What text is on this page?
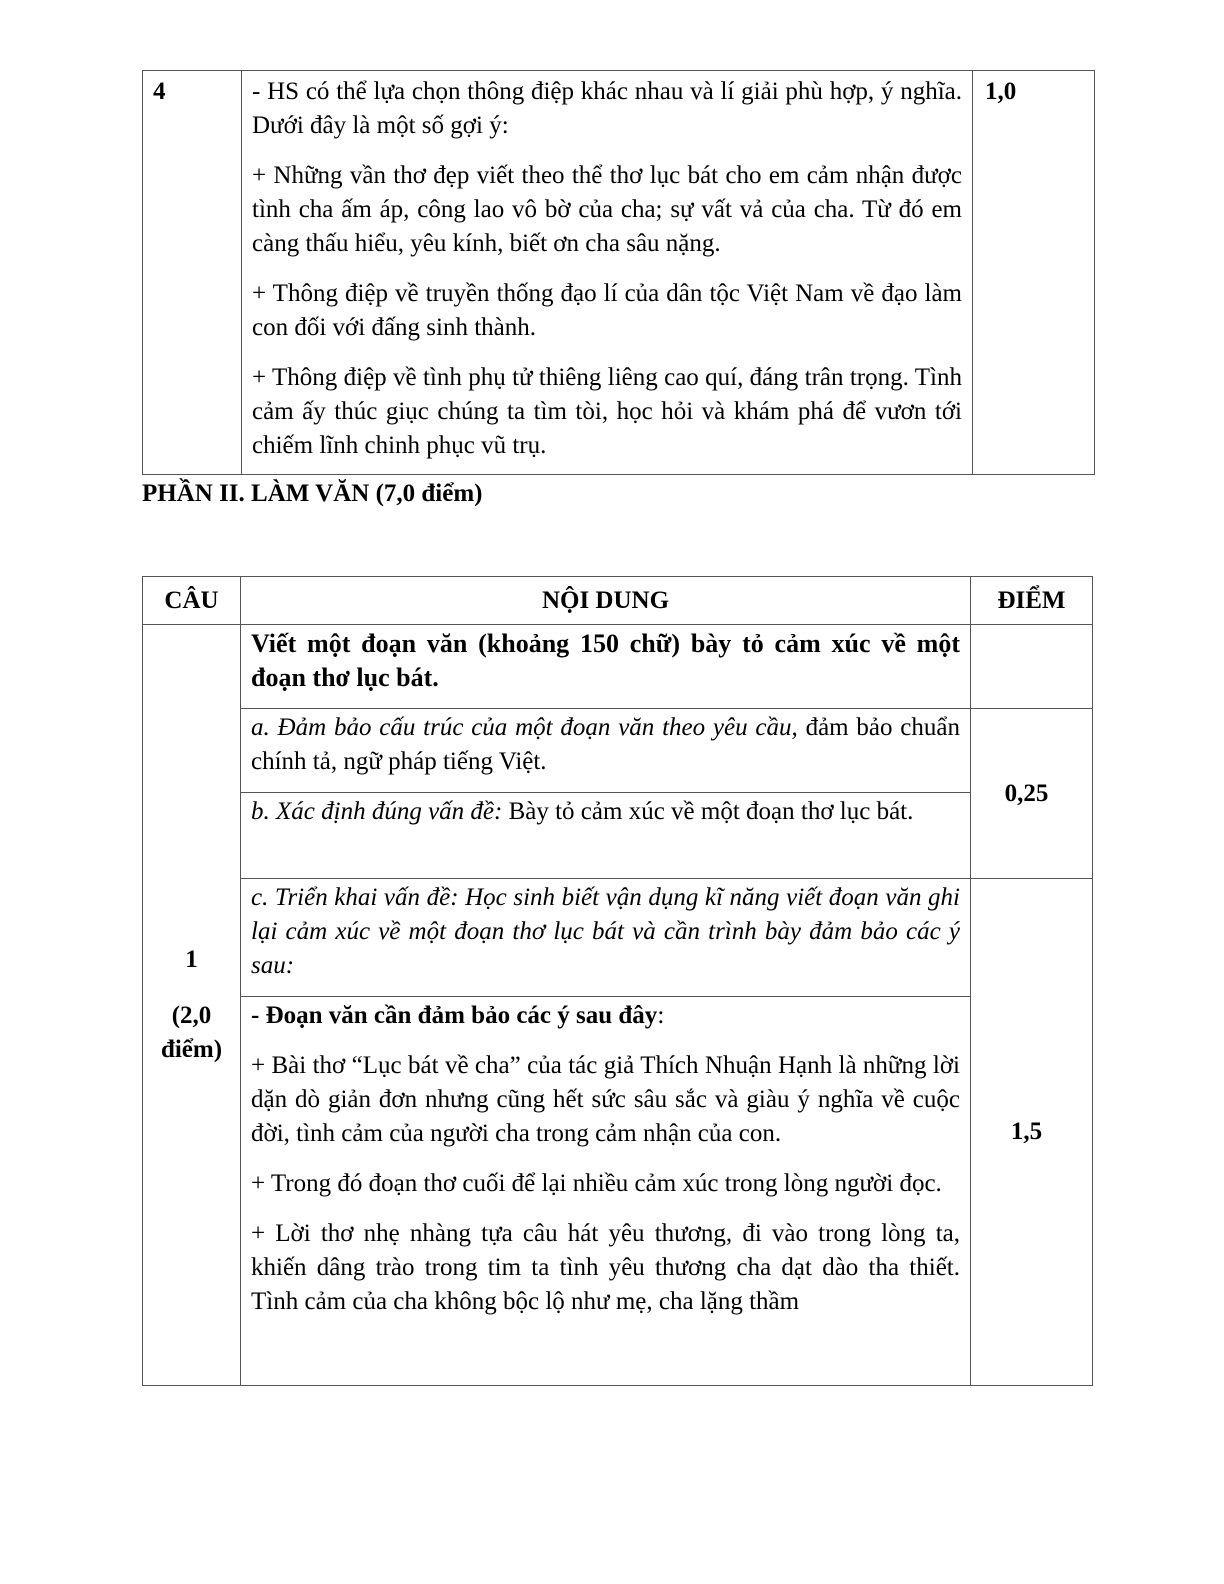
4	- HS có thể lựa chọn thông điệp khác nhau và lí giải phù hợp, ý nghĩa. Dưới đây là một số gợi ý:

+ Những vần thơ đẹp viết theo thể thơ lục bát cho em cảm nhận được tình cha ấm áp, công lao vô bờ của cha; sự vất vả của cha. Từ đó em càng thấu hiểu, yêu kính, biết ơn cha sâu nặng.

+ Thông điệp về truyền thống đạo lí của dân tộc Việt Nam về đạo làm con đối với đấng sinh thành.

+ Thông điệp về tình phụ tử thiêng liêng cao quí, đáng trân trọng. Tình cảm ấy thúc giục chúng ta tìm tòi, học hỏi và khám phá để vươn tới chiếm lĩnh chinh phục vũ trụ.

	1,0

PHẦN II. LÀM VĂN (7,0 điểm)

CÂU	NỘI DUNG	ĐIỂM

1
(2,0 điểm)	Viết một đoạn văn (khoảng 150 chữ) bày tỏ cảm xúc về một đoạn thơ lục bát.	
	a. Đảm bảo cấu trúc của một đoạn văn theo yêu cầu, đảm bảo chuẩn chính tả, ngữ pháp tiếng Việt.	0,25
	b. Xác định đúng vấn đề: Bày tỏ cảm xúc về một đoạn thơ lục bát.	
	c. Triển khai vấn đề: Học sinh biết vận dụng kĩ năng viết đoạn văn ghi lại cảm xúc về một đoạn thơ lục bát và cần trình bày đảm bảo các ý sau:	1,5

	- Đoạn văn cần đảm bảo các ý sau đây:

+ Bài thơ “Lục bát về cha” của tác giả Thích Nhuận Hạnh là những lời dặn dò giản đơn nhưng cũng hết sức sâu sắc và giàu ý nghĩa về cuộc đời, tình cảm của người cha trong cảm nhận của con.

+ Trong đó đoạn thơ cuối để lại nhiều cảm xúc trong lòng người đọc.

+ Lời thơ nhẹ nhàng tựa câu hát yêu thương, đi vào trong lòng ta, khiến dâng trào trong tim ta tình yêu thương cha dạt dào tha thiết. Tình cảm của cha không bộc lộ như mẹ, cha lặng thầm	
